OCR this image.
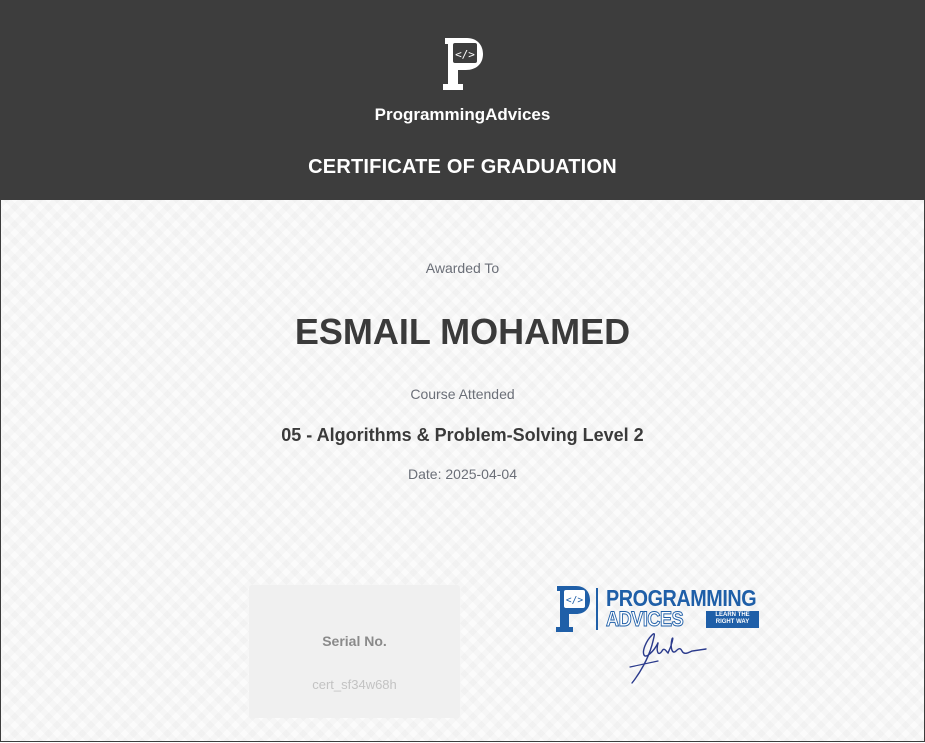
</>
ProgrammingAdvices
CERTIFICATE OF GRADUATION
Awarded To
ESMAIL MOHAMED
Course Attended
05 - Algorithms & Problem-Solving Level 2
Date: 2025-04-04
Serial No.
cert_sf34w68h
</> PROGRAMMING
ADVICES	LEARN THE
RIGHT WAY
